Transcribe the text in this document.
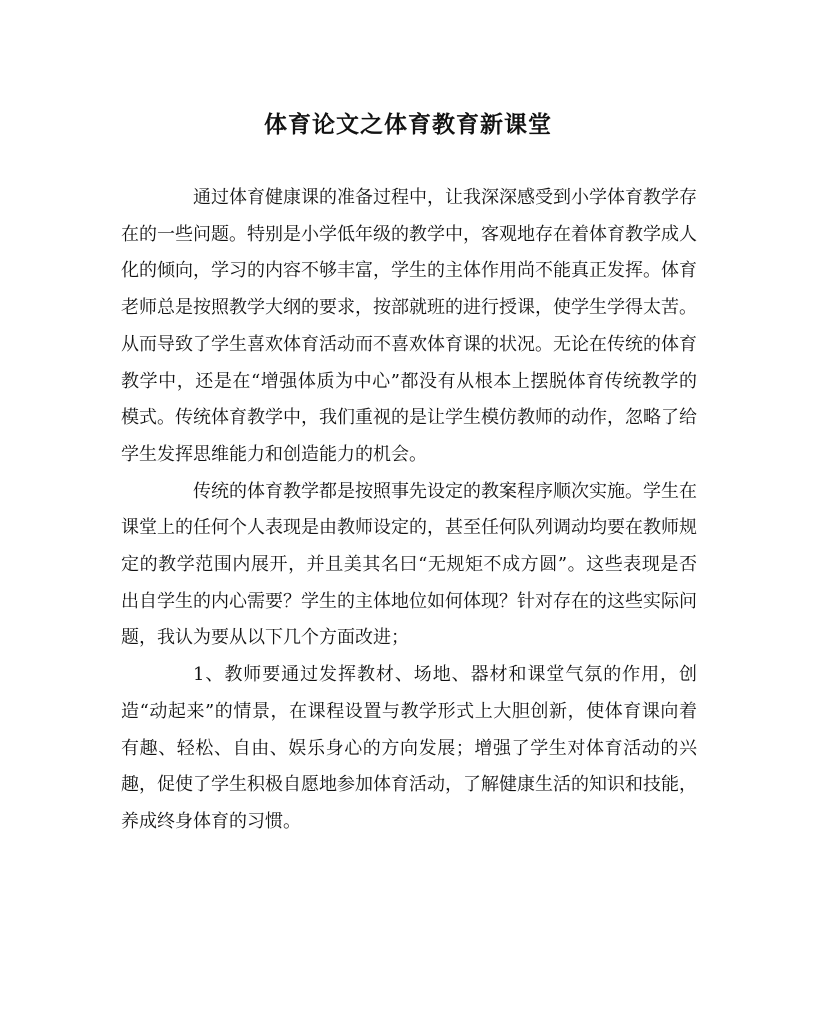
体育论文之体育教育新课堂

通过体育健康课的准备过程中，让我深深感受到小学体育教学存在的一些问题。特别是小学低年级的教学中，客观地存在着体育教学成人化的倾向，学习的内容不够丰富，学生的主体作用尚不能真正发挥。体育老师总是按照教学大纲的要求，按部就班的进行授课，使学生学得太苦。从而导致了学生喜欢体育活动而不喜欢体育课的状况。无论在传统的体育教学中，还是在“增强体质为中心”都没有从根本上摆脱体育传统教学的模式。传统体育教学中，我们重视的是让学生模仿教师的动作，忽略了给学生发挥思维能力和创造能力的机会。

传统的体育教学都是按照事先设定的教案程序顺次实施。学生在课堂上的任何个人表现是由教师设定的，甚至任何队列调动均要在教师规定的教学范围内展开，并且美其名曰“无规矩不成方圆”。这些表现是否出自学生的内心需要？学生的主体地位如何体现？针对存在的这些实际问题，我认为要从以下几个方面改进；

1、教师要通过发挥教材、场地、器材和课堂气氛的作用，创造“动起来”的情景，在课程设置与教学形式上大胆创新，使体育课向着有趣、轻松、自由、娱乐身心的方向发展；增强了学生对体育活动的兴趣，促使了学生积极自愿地参加体育活动，了解健康生活的知识和技能，养成终身体育的习惯。
